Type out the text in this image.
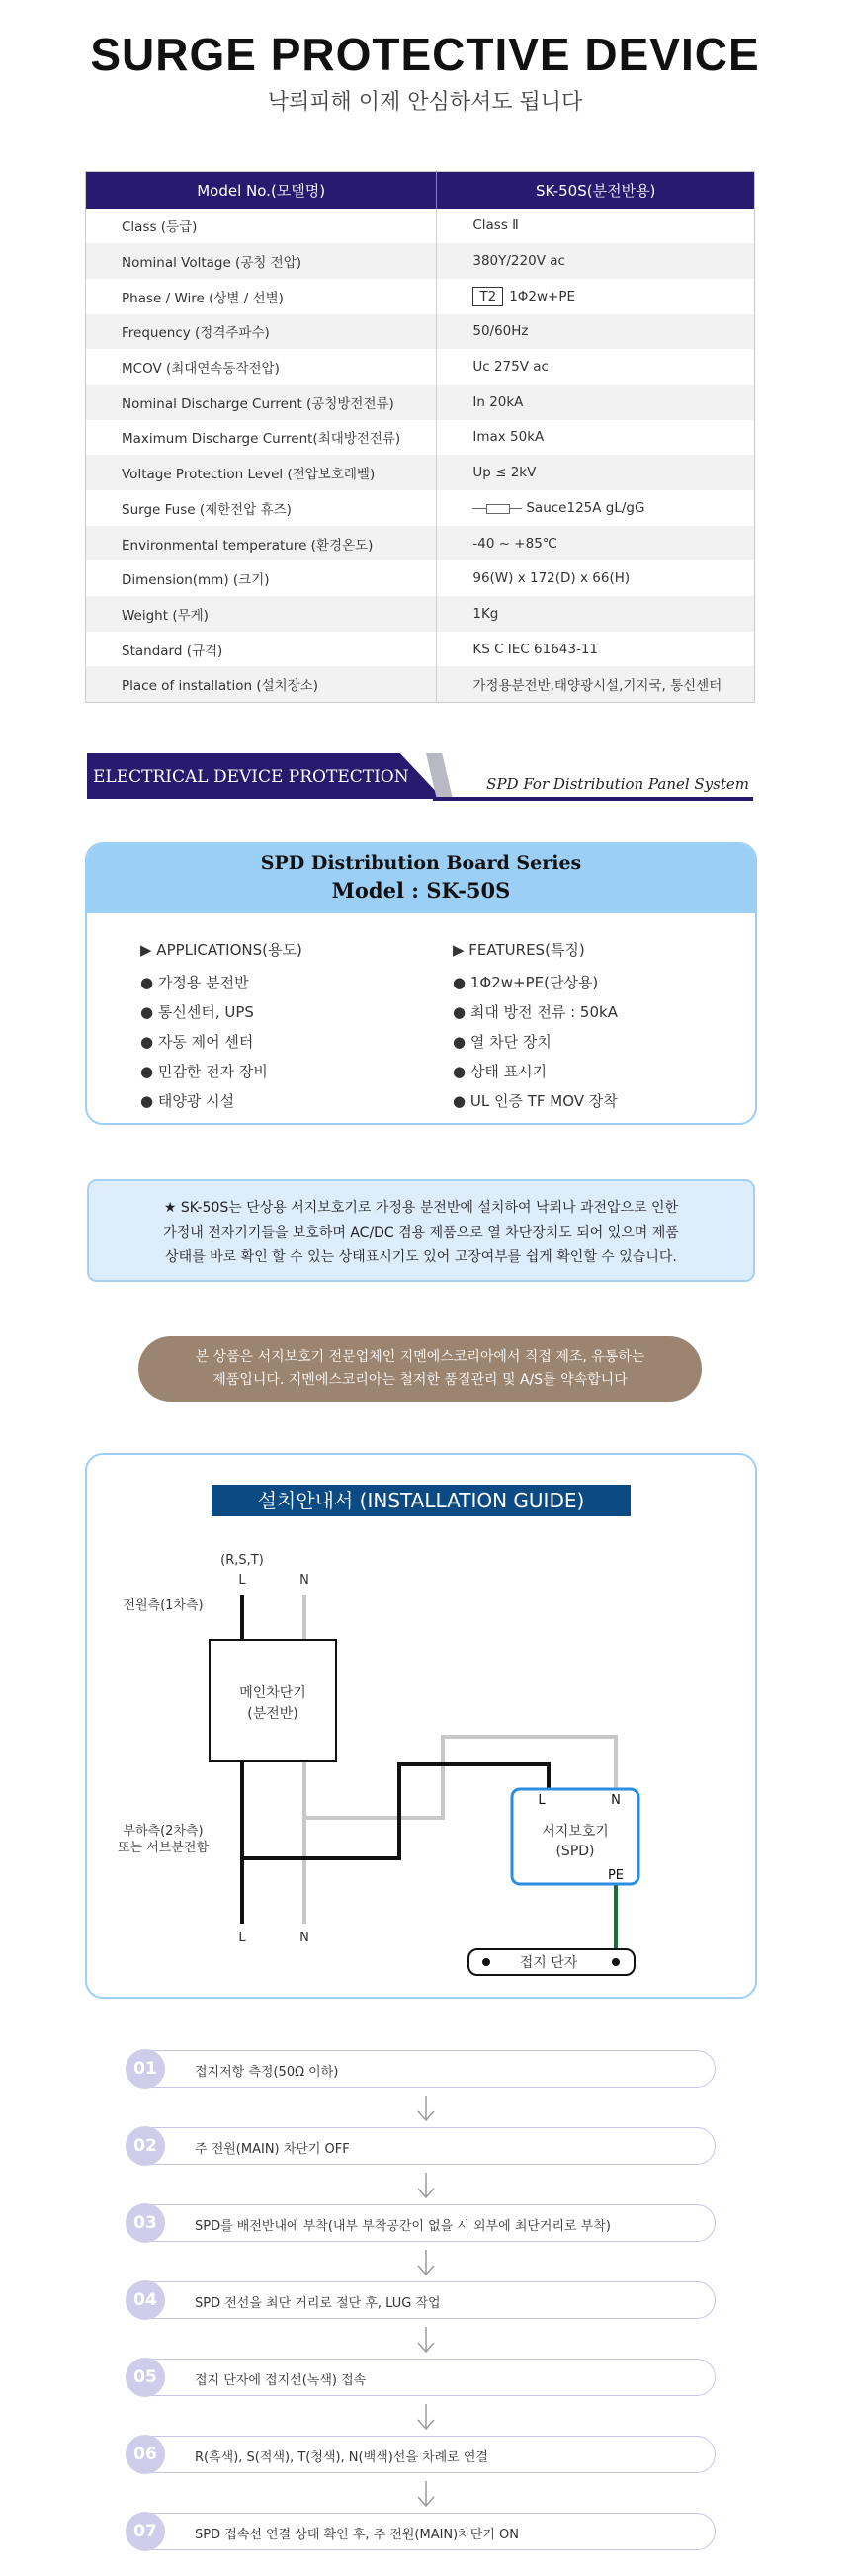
SURGE PROTECTIVE DEVICE
낙뢰피해 이제 안심하셔도 됩니다
Model No.(모델명)	SK-50S(분전반용)
Class (등급)	Class Ⅱ
Nominal Voltage (공칭 전압)	380Y/220V ac
Phase / Wire (상별 / 선별)	T2 1Φ2w+PE
Frequency (정격주파수)	50/60Hz
MCOV (최대연속동작전압)	Uc 275V ac
Nominal Discharge Current (공칭방전전류)	In 20kA
Maximum Discharge Current(최대방전전류)	Imax 50kA
Voltage Protection Level (전압보호레벨)	Up ≤ 2kV
Surge Fuse (제한전압 휴즈)	Sauce125A gL/gG
Environmental temperature (환경온도)	-40 ~ +85℃
Dimension(mm) (크기)	96(W) x 172(D) x 66(H)
Weight (무게)	1Kg
Standard (규격)	KS C IEC 61643-11
Place of installation (설치장소)	가정용분전반,태양광시설,기지국, 통신센터
ELECTRICAL DEVICE PROTECTION	SPD For Distribution Panel System
SPD Distribution Board Series
Model : SK-50S
▶ APPLICATIONS(용도)
● 가정용 분전반
● 통신센터, UPS
● 자동 제어 센터
● 민감한 전자 장비
● 태양광 시설
▶ FEATURES(특징)
● 1Φ2w+PE(단상용)
● 최대 방전 전류 : 50kA
● 열 차단 장치
● 상태 표시기
● UL 인증 TF MOV 장착
★ SK-50S는 단상용 서지보호기로 가정용 분전반에 설치하여 낙뢰나 과전압으로 인한
가정내 전자기기들을 보호하며 AC/DC 겸용 제품으로 열 차단장치도 되어 있으며 제품
상태를 바로 확인 할 수 있는 상태표시기도 있어 고장여부를 쉽게 확인할 수 있습니다.
본 상품은 서지보호기 전문업체인 지멘에스코리아에서 직접 제조, 유통하는
제품입니다. 지멘에스코리아는 철저한 품질관리 및 A/S를 약속합니다
설치안내서 (INSTALLATION GUIDE)
메인차단기
(분전반)
L	N
서지보호기
(SPD)
PE
(R,S,T)
L	N
전원측(1차측)
부하측(2차측)
또는 서브분전함
L	N
접지 단자
01	접지저항 측정(50Ω 이하)
02	주 전원(MAIN) 차단기 OFF
03	SPD를 배전반내에 부착(내부 부착공간이 없을 시 외부에 최단거리로 부착)
04	SPD 전선을 최단 거리로 절단 후, LUG 작업
05	접지 단자에 접지선(녹색) 접속
06	R(흑색), S(적색), T(청색), N(백색)선을 차례로 연결
07	SPD 접속선 연결 상태 확인 후, 주 전원(MAIN)차단기 ON
